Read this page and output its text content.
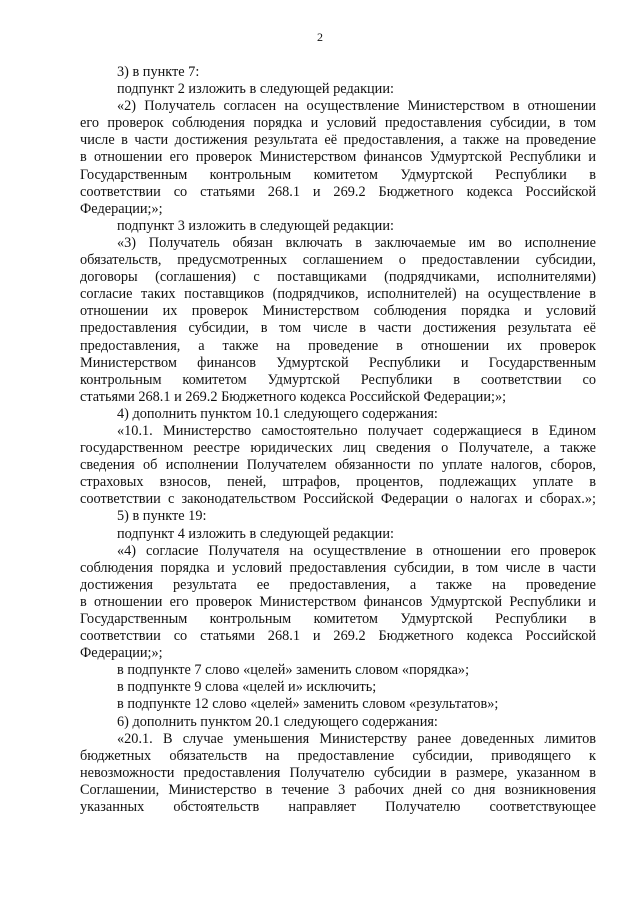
2
3) в пункте 7:
подпункт 2 изложить в следующей редакции:
«2) Получатель согласен на осуществление Министерством в отношении
его проверок соблюдения порядка и условий предоставления субсидии, в том
числе в части достижения результата её предоставления, а также на проведение
в отношении его проверок Министерством финансов Удмуртской Республики и
Государственным контрольным комитетом Удмуртской Республики в
соответствии со статьями 268.1 и 269.2 Бюджетного кодекса Российской
Федерации;»;
подпункт 3 изложить в следующей редакции:
«3) Получатель обязан включать в заключаемые им во исполнение
обязательств, предусмотренных соглашением о предоставлении субсидии,
договоры (соглашения) с поставщиками (подрядчиками, исполнителями)
согласие таких поставщиков (подрядчиков, исполнителей) на осуществление в
отношении их проверок Министерством соблюдения порядка и условий
предоставления субсидии, в том числе в части достижения результата её
предоставления, а также на проведение в отношении их проверок
Министерством финансов Удмуртской Республики и Государственным
контрольным комитетом Удмуртской Республики в соответствии со
статьями 268.1 и 269.2 Бюджетного кодекса Российской Федерации;»;
4) дополнить пунктом 10.1 следующего содержания:
«10.1. Министерство самостоятельно получает содержащиеся в Едином
государственном реестре юридических лиц сведения о Получателе, а также
сведения об исполнении Получателем обязанности по уплате налогов, сборов,
страховых взносов, пеней, штрафов, процентов, подлежащих уплате в
соответствии с законодательством Российской Федерации о налогах и сборах.»;
5) в пункте 19:
подпункт 4 изложить в следующей редакции:
«4) согласие Получателя на осуществление в отношении его проверок
соблюдения порядка и условий предоставления субсидии, в том числе в части
достижения результата ее предоставления, а также на проведение
в отношении его проверок Министерством финансов Удмуртской Республики и
Государственным контрольным комитетом Удмуртской Республики в
соответствии со статьями 268.1 и 269.2 Бюджетного кодекса Российской
Федерации;»;
в подпункте 7 слово «целей» заменить словом «порядка»;
в подпункте 9 слова «целей и» исключить;
в подпункте 12 слово «целей» заменить словом «результатов»;
6) дополнить пунктом 20.1 следующего содержания:
«20.1. В случае уменьшения Министерству ранее доведенных лимитов
бюджетных обязательств на предоставление субсидии, приводящего к
невозможности предоставления Получателю субсидии в размере, указанном в
Соглашении, Министерство в течение 3 рабочих дней со дня возникновения
указанных обстоятельств направляет Получателю соответствующее
